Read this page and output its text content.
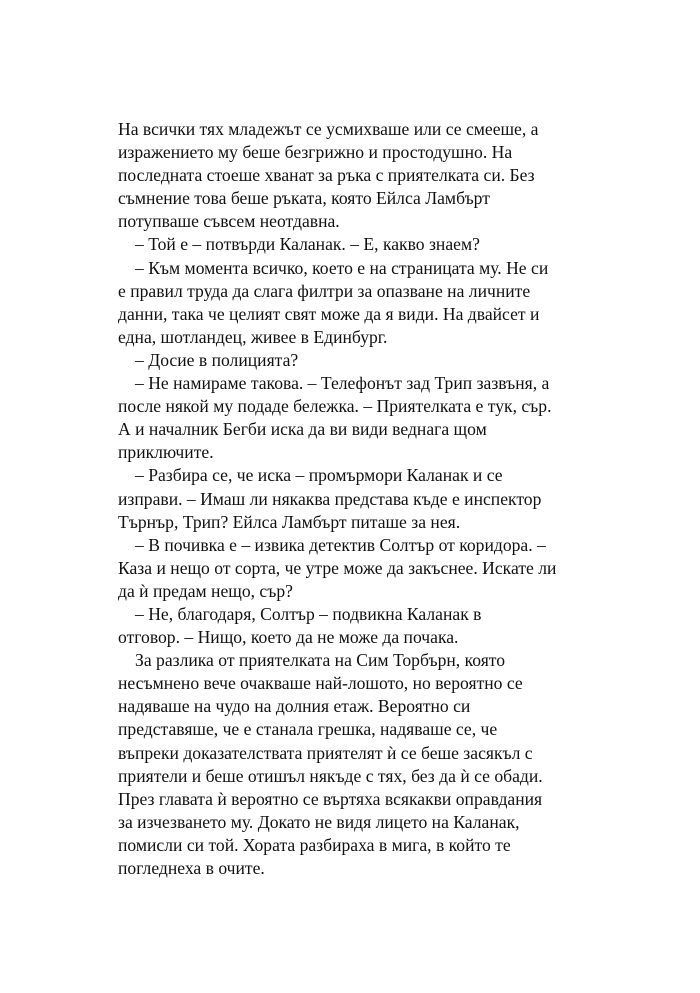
На всички тях младежът се усмихваше или се смееше, а
изражението му беше безгрижно и простодушно. На
последната стоеше хванат за ръка с приятелката си. Без
съмнение това беше ръката, която Ейлса Ламбърт
потупваше съвсем неотдавна.
– Той е – потвърди Каланак. – Е, какво знаем?
– Към момента всичко, което е на страницата му. Не си
е правил труда да слага филтри за опазване на личните
данни, така че целият свят може да я види. На двайсет и
една, шотландец, живее в Единбург.
– Досие в полицията?
– Не намираме такова. – Телефонът зад Трип зазвъня, а
после някой му подаде бележка. – Приятелката е тук, сър.
А и началник Бегби иска да ви види веднага щом
приключите.
– Разбира се, че иска – промърмори Каланак и се
изправи. – Имаш ли някаква представа къде е инспектор
Търнър, Трип? Ейлса Ламбърт питаше за нея.
– В почивка е – извика детектив Солтър от коридора. –
Каза и нещо от сорта, че утре може да закъснее. Искате ли
да ѝ предам нещо, сър?
– Не, благодаря, Солтър – подвикна Каланак в
отговор. – Нищо, което да не може да почака.
За разлика от приятелката на Сим Торбърн, която
несъмнено вече очакваше най-лошото, но вероятно се
надяваше на чудо на долния етаж. Вероятно си
представяше, че е станала грешка, надяваше се, че
въпреки доказателствата приятелят ѝ се беше засякъл с
приятели и беше отишъл някъде с тях, без да ѝ се обади.
През главата ѝ вероятно се въртяха всякакви оправдания
за изчезването му. Докато не видя лицето на Каланак,
помисли си той. Хората разбираха в мига, в който те
погледнеха в очите.
